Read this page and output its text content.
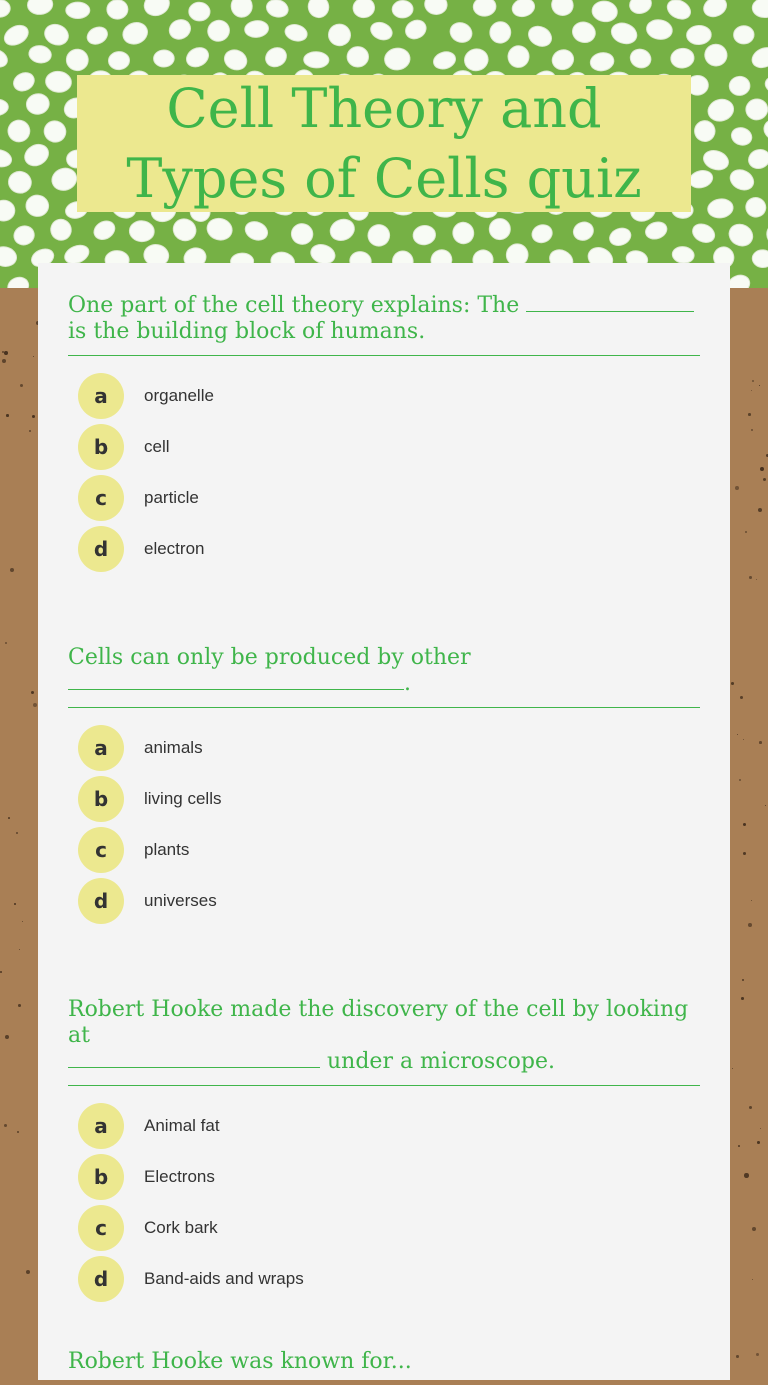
Cell Theory and
Types of Cells quiz

One part of the cell theory explains: The  is the building block of humans.

a	organelle
b	cell
c	particle
d	electron

Cells can only be produced by other
.

a	animals
b	living cells
c	plants
d	universes

Robert Hooke made the discovery of the cell by looking at
under a microscope.

a	Animal fat
b	Electrons
c	Cork bark
d	Band-aids and wraps

Robert Hooke was known for...
